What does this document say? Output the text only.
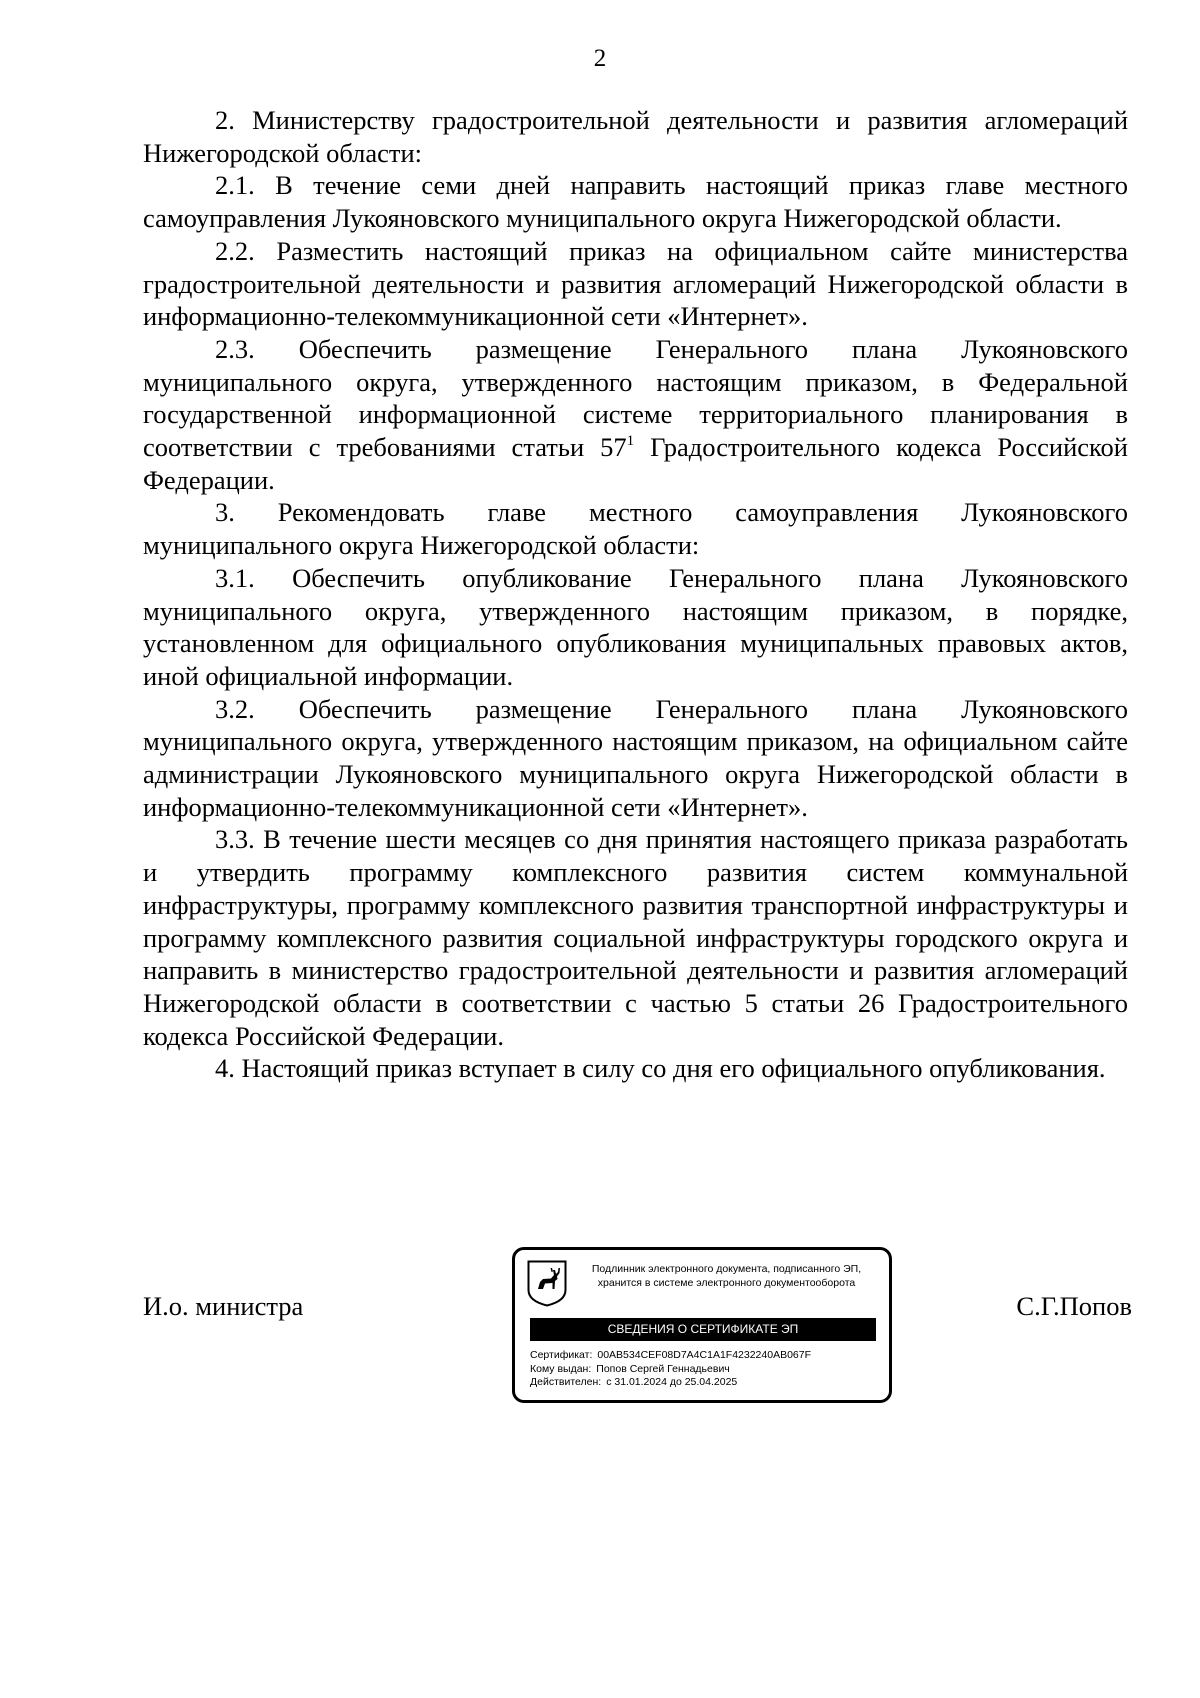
2

2. Министерству градостроительной деятельности и развития агломераций Нижегородской области:

2.1. В течение семи дней направить настоящий приказ главе местного самоуправления Лукояновского муниципального округа Нижегородской области.

2.2. Разместить настоящий приказ на официальном сайте министерства градостроительной деятельности и развития агломераций Нижегородской области в информационно-телекоммуникационной сети «Интернет».

2.3. Обеспечить размещение Генерального плана Лукояновского муниципального округа, утвержденного настоящим приказом, в Федеральной государственной информационной системе территориального планирования в соответствии с требованиями статьи $57^1$ Градостроительного кодекса Российской Федерации.

3. Рекомендовать главе местного самоуправления Лукояновского муниципального округа Нижегородской области:

3.1. Обеспечить опубликование Генерального плана Лукояновского муниципального округа, утвержденного настоящим приказом, в порядке, установленном для официального опубликования муниципальных правовых актов, иной официальной информации.

3.2. Обеспечить размещение Генерального плана Лукояновского муниципального округа, утвержденного настоящим приказом, на официальном сайте администрации Лукояновского муниципального округа Нижегородской области в информационно-телекоммуникационной сети «Интернет».

3.3. В течение шести месяцев со дня принятия настоящего приказа разработать и утвердить программу комплексного развития систем коммунальной инфраструктуры, программу комплексного развития транспортной инфраструктуры и программу комплексного развития социальной инфраструктуры городского округа и направить в министерство градостроительной деятельности и развития агломераций Нижегородской области в соответствии с частью 5 статьи 26 Градостроительного кодекса Российской Федерации.

4. Настоящий приказ вступает в силу со дня его официального опубликования.

И.о. министра
Подлинник электронного документа, подписанного ЭП,
хранится в системе электронного документооборота
СВЕДЕНИЯ О СЕРТИФИКАТЕ ЭП
Сертификат: 00AB534CEF08D7A4C1A1F4232240AB067F
Кому выдан: Попов Сергей Геннадьевич
Действителен: с 31.01.2024 до 25.04.2025
С.Г.Попов
